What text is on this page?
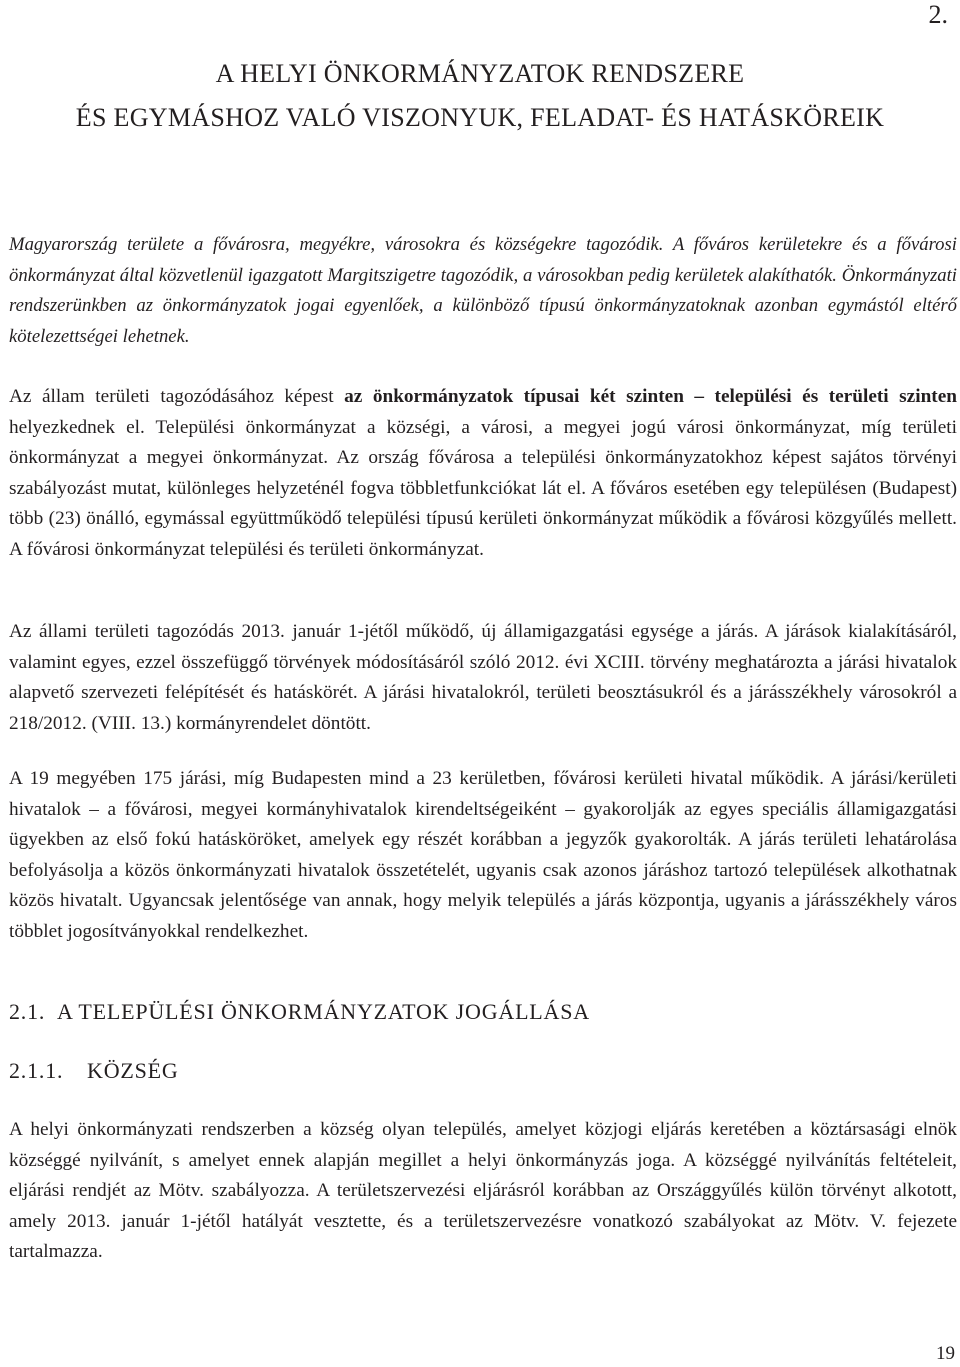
2.
A HELYI ÖNKORMÁNYZATOK RENDSZERE
ÉS EGYMÁSHOZ VALÓ VISZONYUK, FELADAT- ÉS HATÁSKÖREIK

Magyarország területe a fővárosra, megyékre, városokra és községekre tagozódik. A főváros kerületekre és a fővárosi önkormányzat által közvetlenül igazgatott Margitszigetre tagozódik, a városokban pedig kerületek alakíthatók. Önkormányzati rendszerünkben az önkormányzatok jogai egyenlőek, a különböző típusú önkormányzatoknak azonban egymástól eltérő kötelezettségei lehetnek.

Az állam területi tagozódásához képest az önkormányzatok típusai két szinten – települési és területi szinten helyezkednek el. Települési önkormányzat a községi, a városi, a megyei jogú városi önkormányzat, míg területi önkormányzat a megyei önkormányzat. Az ország fővárosa a települési önkormányzatokhoz képest sajátos törvényi szabályozást mutat, különleges helyzeténél fogva többletfunkciókat lát el. A főváros esetében egy településen (Budapest) több (23) önálló, egymással együttműködő települési típusú kerületi önkormányzat működik a fővárosi közgyűlés mellett. A fővárosi önkormányzat települési és területi önkormányzat.

Az állami területi tagozódás 2013. január 1-jétől működő, új államigazgatási egysége a járás. A járások kialakításáról, valamint egyes, ezzel összefüggő törvények módosításáról szóló 2012. évi XCIII. törvény meghatározta a járási hivatalok alapvető szervezeti felépítését és hatáskörét. A járási hivatalokról, területi beosztásukról és a járásszékhely városokról a 218/2012. (VIII. 13.) kormányrendelet döntött.

A 19 megyében 175 járási, míg Budapesten mind a 23 kerületben, fővárosi kerületi hivatal működik. A járási/kerületi hivatalok – a fővárosi, megyei kormányhivatalok kirendeltségeiként – gyakorolják az egyes speciális államigazgatási ügyekben az első fokú hatásköröket, amelyek egy részét korábban a jegyzők gyakorolták. A járás területi lehatárolása befolyásolja a közös önkormányzati hivatalok összetételét, ugyanis csak azonos járáshoz tartozó települések alkothatnak közös hivatalt. Ugyancsak jelentősége van annak, hogy melyik település a járás központja, ugyanis a járásszékhely város többlet jogosítványokkal rendelkezhet.

2.1. A TELEPÜLÉSI ÖNKORMÁNYZATOK JOGÁLLÁSA
2.1.1. KÖZSÉG

A helyi önkormányzati rendszerben a község olyan település, amelyet közjogi eljárás keretében a köztársasági elnök községgé nyilvánít, s amelyet ennek alapján megillet a helyi önkormányzás joga. A községgé nyilvánítás feltételeit, eljárási rendjét az Mötv. szabályozza. A területszervezési eljárásról korábban az Országgyűlés külön törvényt alkotott, amely 2013. január 1-jétől hatályát vesztette, és a területszervezésre vonatkozó szabályokat az Mötv. V. fejezete tartalmazza.

19
